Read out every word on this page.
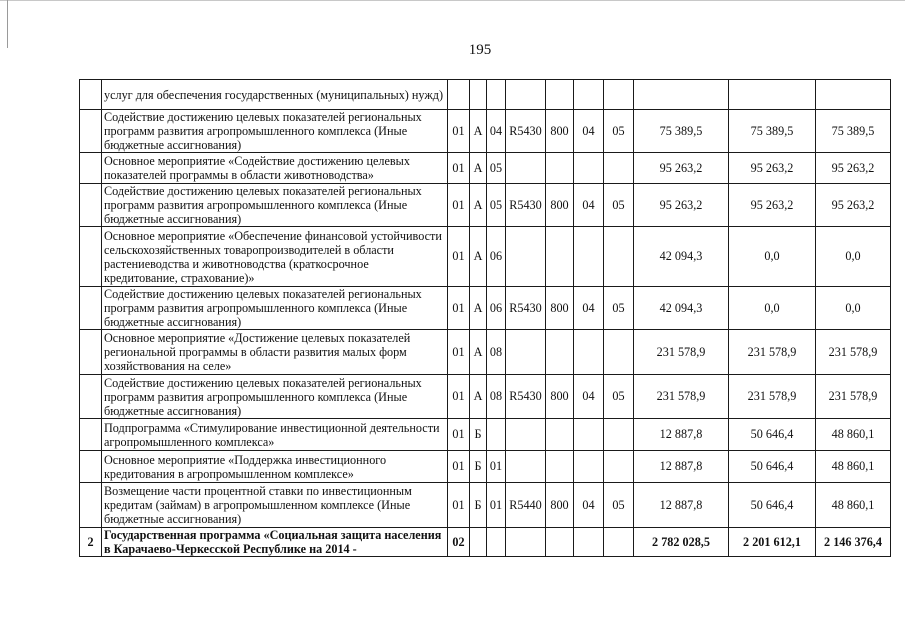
195
	услуг для обеспечения государственных (муниципальных) нужд)										
	Содействие достижению целевых показателей региональных программ развития агропромышленного комплекса (Иные бюджетные ассигнования)	01	А	04	R5430	800	04	05	75 389,5	75 389,5	75 389,5
	Основное мероприятие «Содействие достижению целевых показателей программы в области животноводства»	01	А	05					95 263,2	95 263,2	95 263,2
	Содействие достижению целевых показателей региональных программ развития агропромышленного комплекса (Иные бюджетные ассигнования)	01	А	05	R5430	800	04	05	95 263,2	95 263,2	95 263,2
	Основное мероприятие «Обеспечение финансовой устойчивости сельскохозяйственных товаропроизводителей в области растениеводства и животноводства (краткосрочное кредитование, страхование)»	01	А	06					42 094,3	0,0	0,0
	Содействие достижению целевых показателей региональных программ развития агропромышленного комплекса (Иные бюджетные ассигнования)	01	А	06	R5430	800	04	05	42 094,3	0,0	0,0
	Основное мероприятие «Достижение целевых показателей региональной программы в области развития малых форм хозяйствования на селе»	01	А	08					231 578,9	231 578,9	231 578,9
	Содействие достижению целевых показателей региональных программ развития агропромышленного комплекса (Иные бюджетные ассигнования)	01	А	08	R5430	800	04	05	231 578,9	231 578,9	231 578,9
	Подпрограмма «Стимулирование инвестиционной деятельности агропромышленного комплекса»	01	Б						12 887,8	50 646,4	48 860,1
	Основное мероприятие «Поддержка инвестиционного кредитования в агропромышленном комплексе»	01	Б	01					12 887,8	50 646,4	48 860,1
	Возмещение части процентной ставки по инвестиционным кредитам (займам) в агропромышленном комплексе (Иные бюджетные ассигнования)	01	Б	01	R5440	800	04	05	12 887,8	50 646,4	48 860,1
2	Государственная программа «Социальная защита населения в Карачаево-Черкесской Республике на 2014 -	02							2 782 028,5	2 201 612,1	2 146 376,4
